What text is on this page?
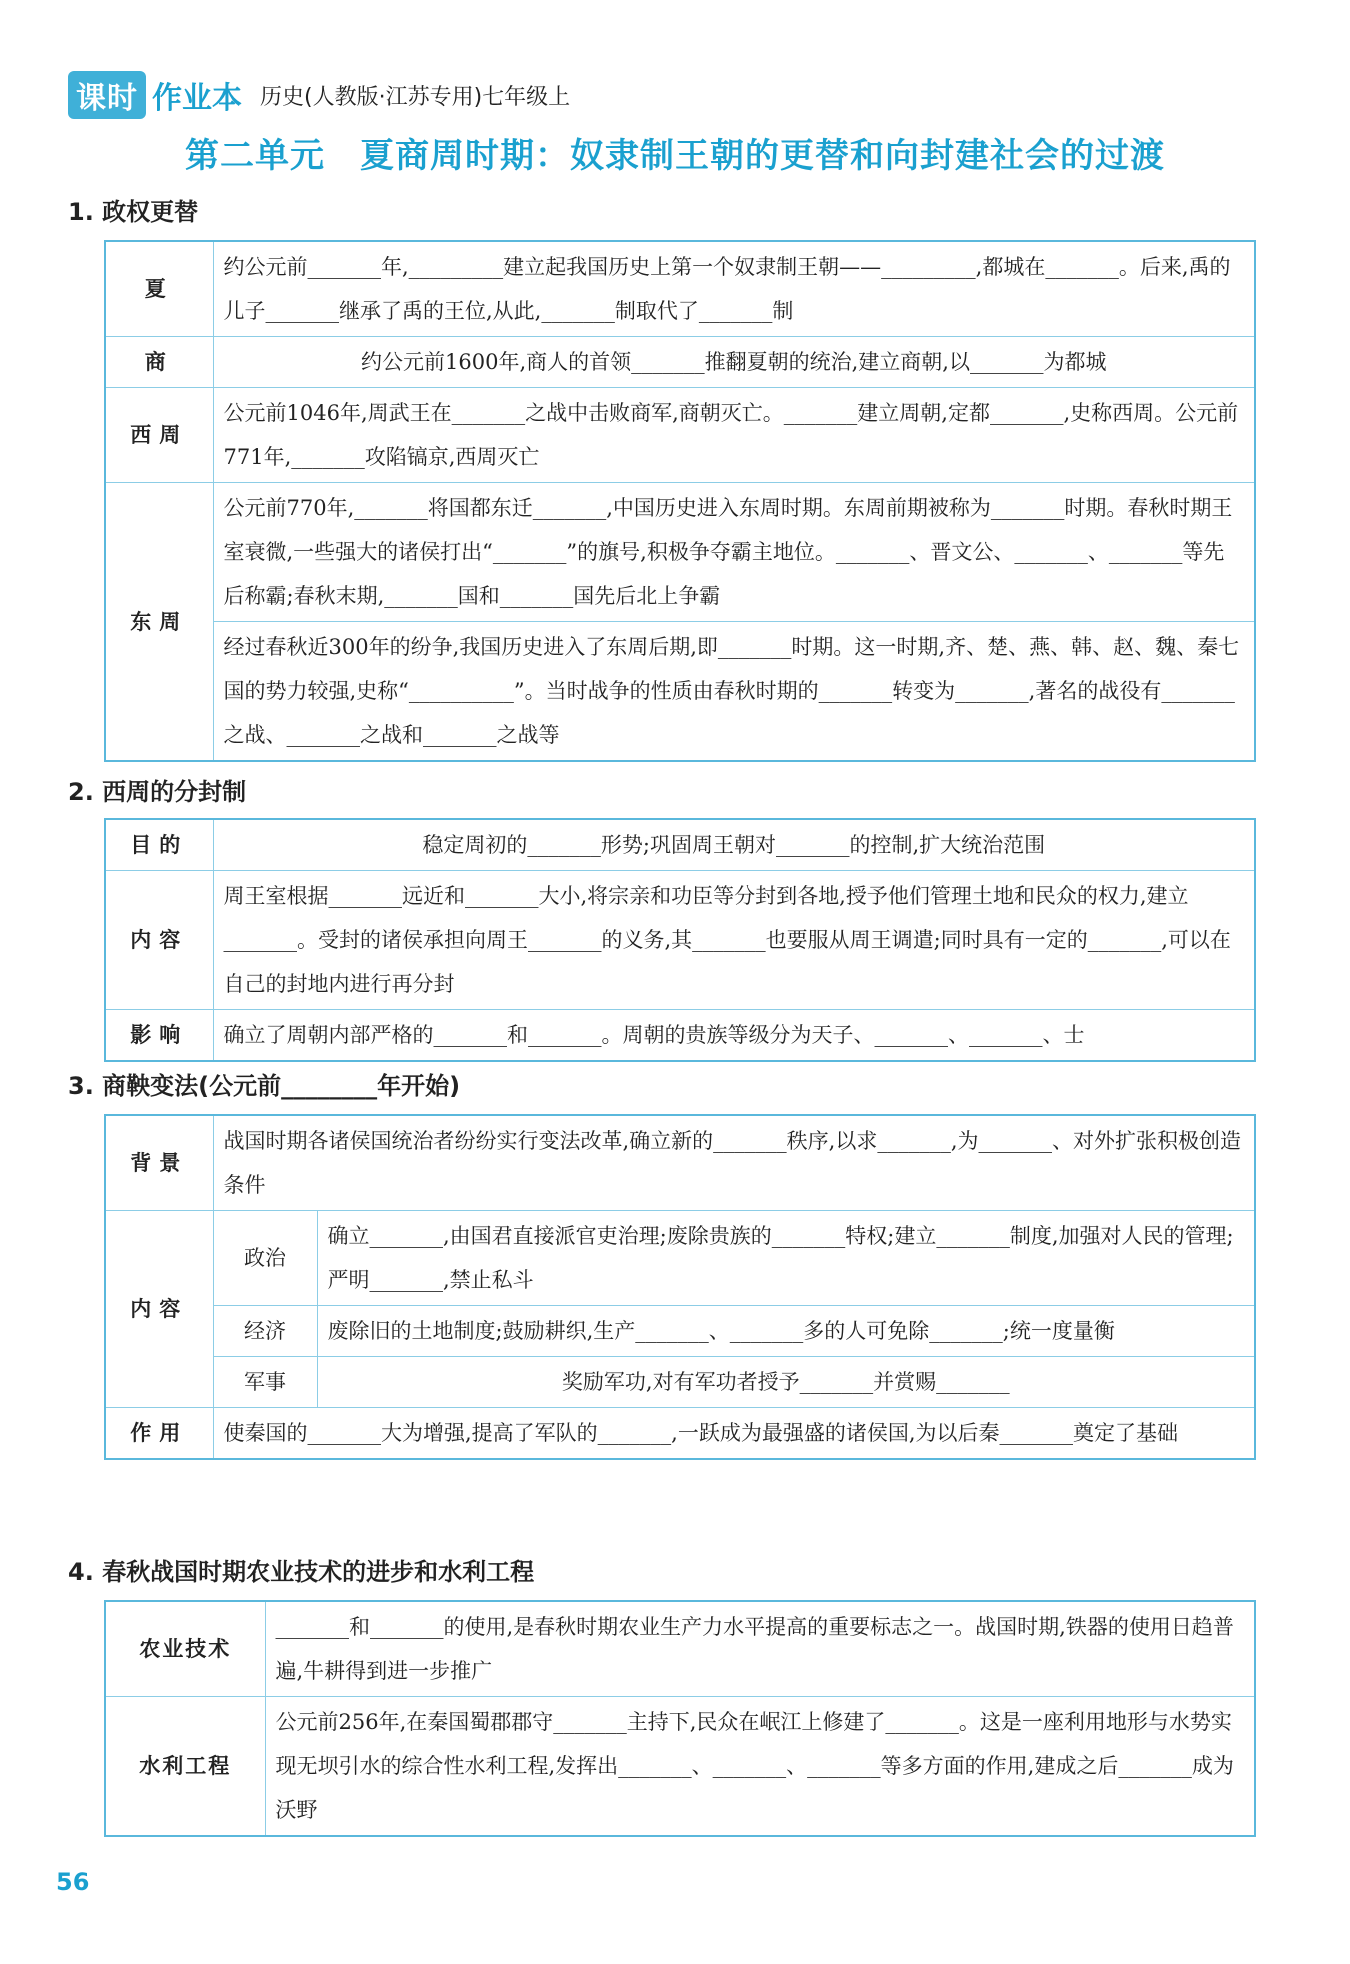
课时 作业本 历史(人教版·江苏专用)七年级上
第二单元　夏商周时期：奴隶制王朝的更替和向封建社会的过渡
1. 政权更替
夏	约公元前_______年,_________建立起我国历史上第一个奴隶制王朝——_________,都城在_______。后来,禹的儿子_______继承了禹的王位,从此,_______制取代了_______制
商	约公元前1600年,商人的首领_______推翻夏朝的统治,建立商朝,以_______为都城
西周	公元前1046年,周武王在_______之战中击败商军,商朝灭亡。_______建立周朝,定都_______,史称西周。公元前771年,_______攻陷镐京,西周灭亡
东周	公元前770年,_______将国都东迁_______,中国历史进入东周时期。东周前期被称为_______时期。春秋时期王室衰微,一些强大的诸侯打出“_______”的旗号,积极争夺霸主地位。_______、晋文公、_______、_______等先后称霸;春秋末期,_______国和_______国先后北上争霸
	经过春秋近300年的纷争,我国历史进入了东周后期,即_______时期。这一时期,齐、楚、燕、韩、赵、魏、秦七国的势力较强,史称“__________”。当时战争的性质由春秋时期的_______转变为_______,著名的战役有_______之战、_______之战和_______之战等
2. 西周的分封制
目的	稳定周初的_______形势;巩固周王朝对_______的控制,扩大统治范围
内容	周王室根据_______远近和_______大小,将宗亲和功臣等分封到各地,授予他们管理土地和民众的权力,建立_______。受封的诸侯承担向周王_______的义务,其_______也要服从周王调遣;同时具有一定的_______,可以在自己的封地内进行再分封
影响	确立了周朝内部严格的_______和_______。周朝的贵族等级分为天子、_______、_______、士
3. 商鞅变法(公元前________年开始)
背景	战国时期各诸侯国统治者纷纷实行变法改革,确立新的_______秩序,以求_______,为_______、对外扩张积极创造条件	
内容	政治	确立_______,由国君直接派官吏治理;废除贵族的_______特权;建立_______制度,加强对人民的管理;严明_______,禁止私斗
	经济	废除旧的土地制度;鼓励耕织,生产_______、_______多的人可免除_______;统一度量衡
	军事	奖励军功,对有军功者授予_______并赏赐_______
作用	使秦国的_______大为增强,提高了军队的_______,一跃成为最强盛的诸侯国,为以后秦_______奠定了基础	
4. 春秋战国时期农业技术的进步和水利工程
农业技术	_______和_______的使用,是春秋时期农业生产力水平提高的重要标志之一。战国时期,铁器的使用日趋普遍,牛耕得到进一步推广
水利工程	公元前256年,在秦国蜀郡郡守_______主持下,民众在岷江上修建了_______。这是一座利用地形与水势实现无坝引水的综合性水利工程,发挥出_______、_______、_______等多方面的作用,建成之后_______成为沃野
56
